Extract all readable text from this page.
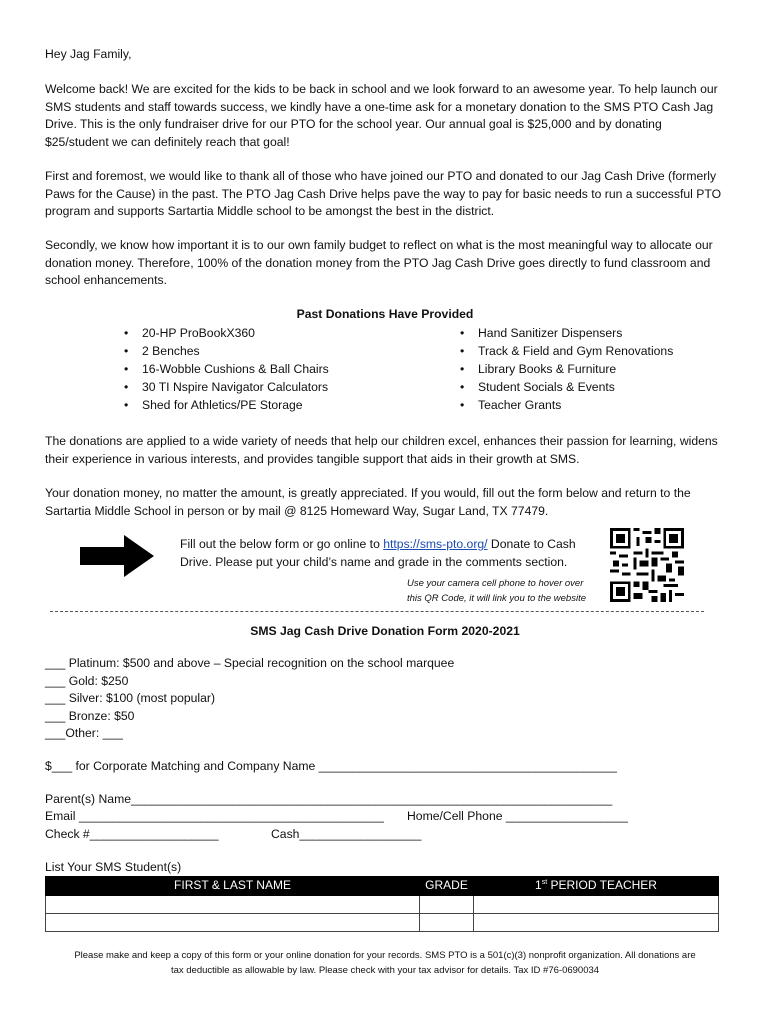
Hey Jag Family,

Welcome back! We are excited for the kids to be back in school and we look forward to an awesome year. To help launch our SMS students and staff towards success, we kindly have a one-time ask for a monetary donation to the SMS PTO Cash Jag Drive. This is the only fundraiser drive for our PTO for the school year. Our annual goal is $25,000 and by donating $25/student we can definitely reach that goal!

First and foremost, we would like to thank all of those who have joined our PTO and donated to our Jag Cash Drive (formerly Paws for the Cause) in the past. The PTO Jag Cash Drive helps pave the way to pay for basic needs to run a successful PTO program and supports Sartartia Middle school to be amongst the best in the district.

Secondly, we know how important it is to our own family budget to reflect on what is the most meaningful way to allocate our donation money. Therefore, 100% of the donation money from the PTO Jag Cash Drive goes directly to fund classroom and school enhancements.

Past Donations Have Provided

• 20-HP ProBookX360
• 2 Benches
• 16-Wobble Cushions & Ball Chairs
• 30 TI Nspire Navigator Calculators
• Shed for Athletics/PE Storage
• Hand Sanitizer Dispensers
• Track & Field and Gym Renovations
• Library Books & Furniture
• Student Socials & Events
• Teacher Grants

The donations are applied to a wide variety of needs that help our children excel, enhances their passion for learning, widens their experience in various interests, and provides tangible support that aids in their growth at SMS.

Your donation money, no matter the amount, is greatly appreciated. If you would, fill out the form below and return to the Sartartia Middle School in person or by mail @ 8125 Homeward Way, Sugar Land, TX 77479.

Fill out the below form or go online to https://sms-pto.org/ Donate to Cash Drive. Please put your child’s name and grade in the comments section.

Use your camera cell phone to hover over

this QR Code, it will link you to the website

SMS Jag Cash Drive Donation Form 2020-2021

___ Platinum: $500 and above – Special recognition on the school marquee

___ Gold: $250

___ Silver: $100 (most popular)

___ Bronze: $50

___Other: ___

$___ for Corporate Matching and Company Name ____________________________________________

Parent(s) Name_______________________________________________________________________

Email _____________________________________________ Home/Cell Phone __________________

Check #___________________	Cash__________________

List Your SMS Student(s)

FIRST & LAST NAME	GRADE	1st PERIOD TEACHER

Please make and keep a copy of this form or your online donation for your records. SMS PTO is a 501(c)(3) nonprofit organization. All donations are

tax deductible as allowable by law. Please check with your tax advisor for details. Tax ID #76-0690034
